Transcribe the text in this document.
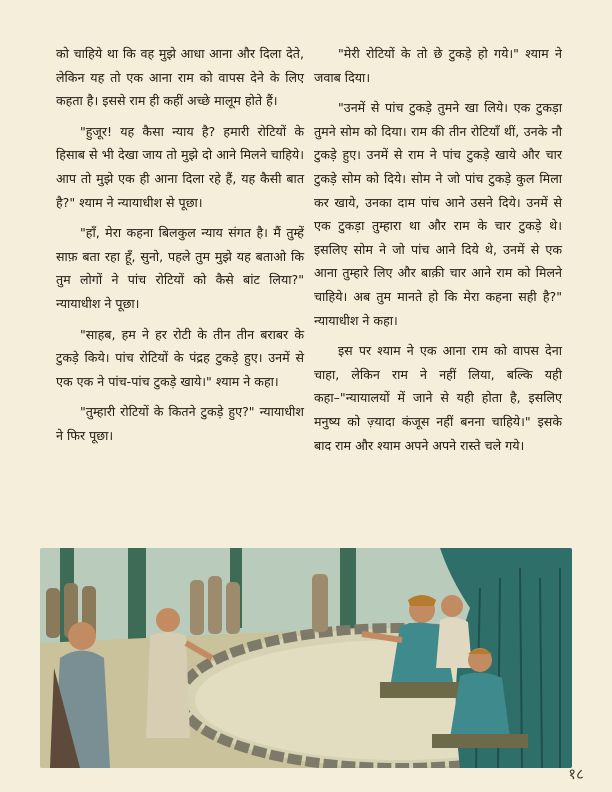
को चाहिये था कि वह मुझे आधा आना और दिला देते, लेकिन यह तो एक आना राम को वापस देने के लिए कहता है। इससे राम ही कहीं अच्छे मालूम होते हैं।

"हुजूर! यह कैसा न्याय है? हमारी रोटियों के हिसाब से भी देखा जाय तो मुझे दो आने मिलने चाहिये। आप तो मुझे एक ही आना दिला रहे हैं, यह कैसी बात है?" श्याम ने न्यायाधीश से पूछा।

"हाँ, मेरा कहना बिलकुल न्याय संगत है। मैं तुम्हें साफ़ बता रहा हूँ, सुनो, पहले तुम मुझे यह बताओ कि तुम लोगों ने पांच रोटियों को कैसे बांट लिया?" न्यायाधीश ने पूछा।

"साहब, हम ने हर रोटी के तीन तीन बराबर के टुकड़े किये। पांच रोटियों के पंद्रह टुकड़े हुए। उनमें से एक एक ने पांच-पांच टुकड़े खाये।" श्याम ने कहा।

"तुम्हारी रोटियों के कितने टुकड़े हुए?" न्यायाधीश ने फिर पूछा।

"मेरी रोटियों के तो छे टुकड़े हो गये।" श्याम ने जवाब दिया।

"उनमें से पांच टुकड़े तुमने खा लिये। एक टुकड़ा तुमने सोम को दिया। राम की तीन रोटियाँ थीं, उनके नौ टुकड़े हुए। उनमें से राम ने पांच टुकड़े खाये और चार टुकड़े सोम को दिये। सोम ने जो पांच टुकड़े कुल मिला कर खाये, उनका दाम पांच आने उसने दिये। उनमें से एक टुकड़ा तुम्हारा था और राम के चार टुकड़े थे। इसलिए सोम ने जो पांच आने दिये थे, उनमें से एक आना तुम्हारे लिए और बाक़ी चार आने राम को मिलने चाहिये। अब तुम मानते हो कि मेरा कहना सही है?" न्यायाधीश ने कहा।

इस पर श्याम ने एक आना राम को वापस देना चाहा, लेकिन राम ने नहीं लिया, बल्कि यही कहा–"न्यायालयों में जाने से यही होता है, इसलिए मनुष्य को ज़्यादा कंजूस नहीं बनना चाहिये।" इसके बाद राम और श्याम अपने अपने रास्ते चले गये।

१८
